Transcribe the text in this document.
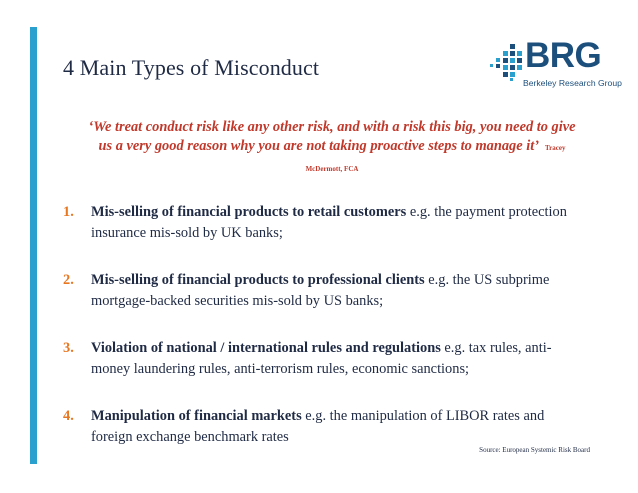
4 Main Types of Misconduct	BRG
Berkeley Research Group
‘We treat conduct risk like any other risk, and with a risk this big, you need to give us a very good reason why you are not taking proactive steps to manage it’ Tracey McDermott, FCA
1. Mis-selling of financial products to retail customers e.g. the payment protection insurance mis-sold by UK banks;
2. Mis-selling of financial products to professional clients e.g. the US subprime mortgage-backed securities mis-sold by US banks;
3. Violation of national / international rules and regulations e.g. tax rules, anti-money laundering rules, anti-terrorism rules, economic sanctions;
4. Manipulation of financial markets e.g. the manipulation of LIBOR rates and foreign exchange benchmark rates
Source: European Systemic Risk Board
